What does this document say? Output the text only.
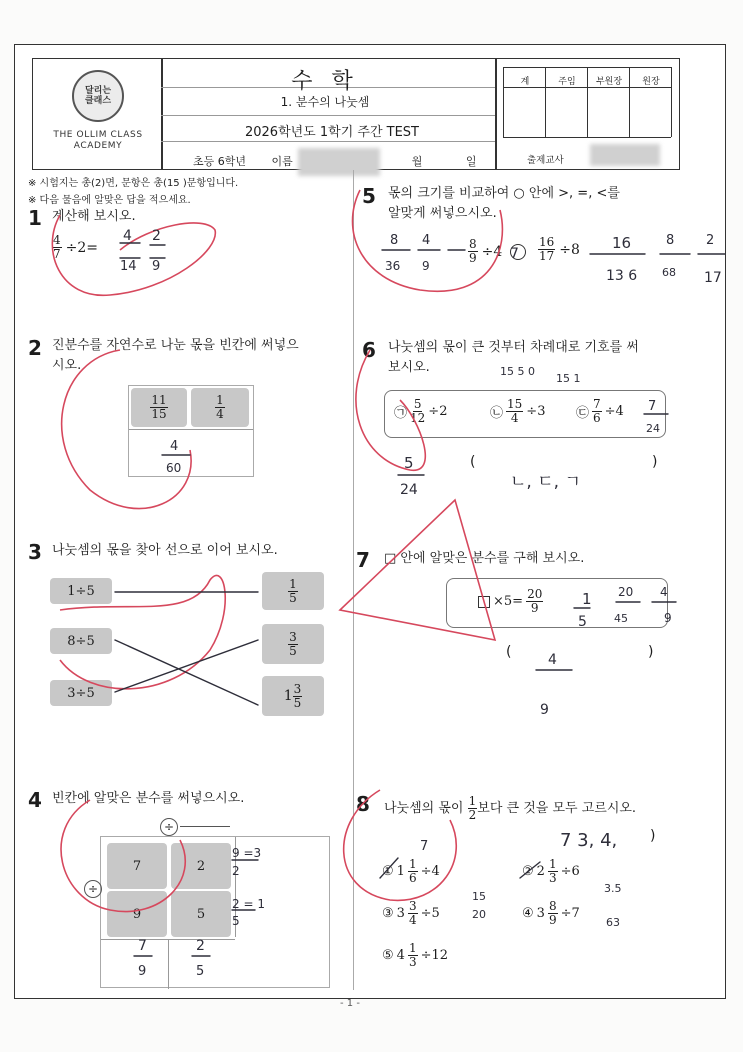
달리는
클래스
THE OLLIM CLASS
ACADEMY
수 학
1. 분수의 나눗셈
2026학년도 1학기 주간 TEST
초등 6학년 이름	월	일
계	주임	부원장	원장
출제교사
※ 시험지는 총(2)면, 문항은 총(15 )문항입니다.
※ 다음 물음에 알맞은 답을 적으세요.
1 계산해 보시오.
$\frac{4}{7} \div 2=$
2 진분수를 자연수로 나눈 몫을 빈칸에 써넣으
시오.
$\frac{11}{15}$	$\frac{1}{4}$
3 나눗셈의 몫을 찾아 선으로 이어 보시오.
1÷5
8÷5
3÷5
$\frac{1}{5}$
$\frac{3}{5}$
$1 \frac{3}{5}$
4 빈칸에 알맞은 분수를 써넣으시오.
7	2
9	5
÷
÷
5 몫의 크기를 비교하여 ○ 안에 >, =, <를
알맞게 써넣으시오.
$\frac{8}{9} \div 4$	$\frac{16}{17} \div 8$
6 나눗셈의 몫이 큰 것부터 차례대로 기호를 써
보시오.
㉠ $\frac{5}{12} \div 2$	㉡ $\frac{15}{4} \div 3$ ㉢ $\frac{7}{6} \div 4$
(	)
7 □ 안에 알맞은 분수를 구해 보시오.
$\times 5= \frac{20}{9}$
(	)
8 나눗셈의 몫이 $\frac{1}{2}$ 보다 큰 것을 모두 고르시오.
① $1 \frac{1}{6} \div 4$	② $2 \frac{1}{3} \div 6$
③ $3 \frac{3}{4} \div 5$	④ $3 \frac{8}{9} \div 7$
⑤ $4 \frac{1}{3} \div 12$
)
- 1 -
4
14
2
9
4
60
9 =3
2
2 = 1
5
7
9
2
5
8
36
4
9
7
16
13 6
8
68
2
17
15 5 0
15 1
7
24
5
24	ㄴ, ㄷ, ㄱ
1
5
20
45
4
9
4
9
7 3, 4,
7
15
20
3.5
63
